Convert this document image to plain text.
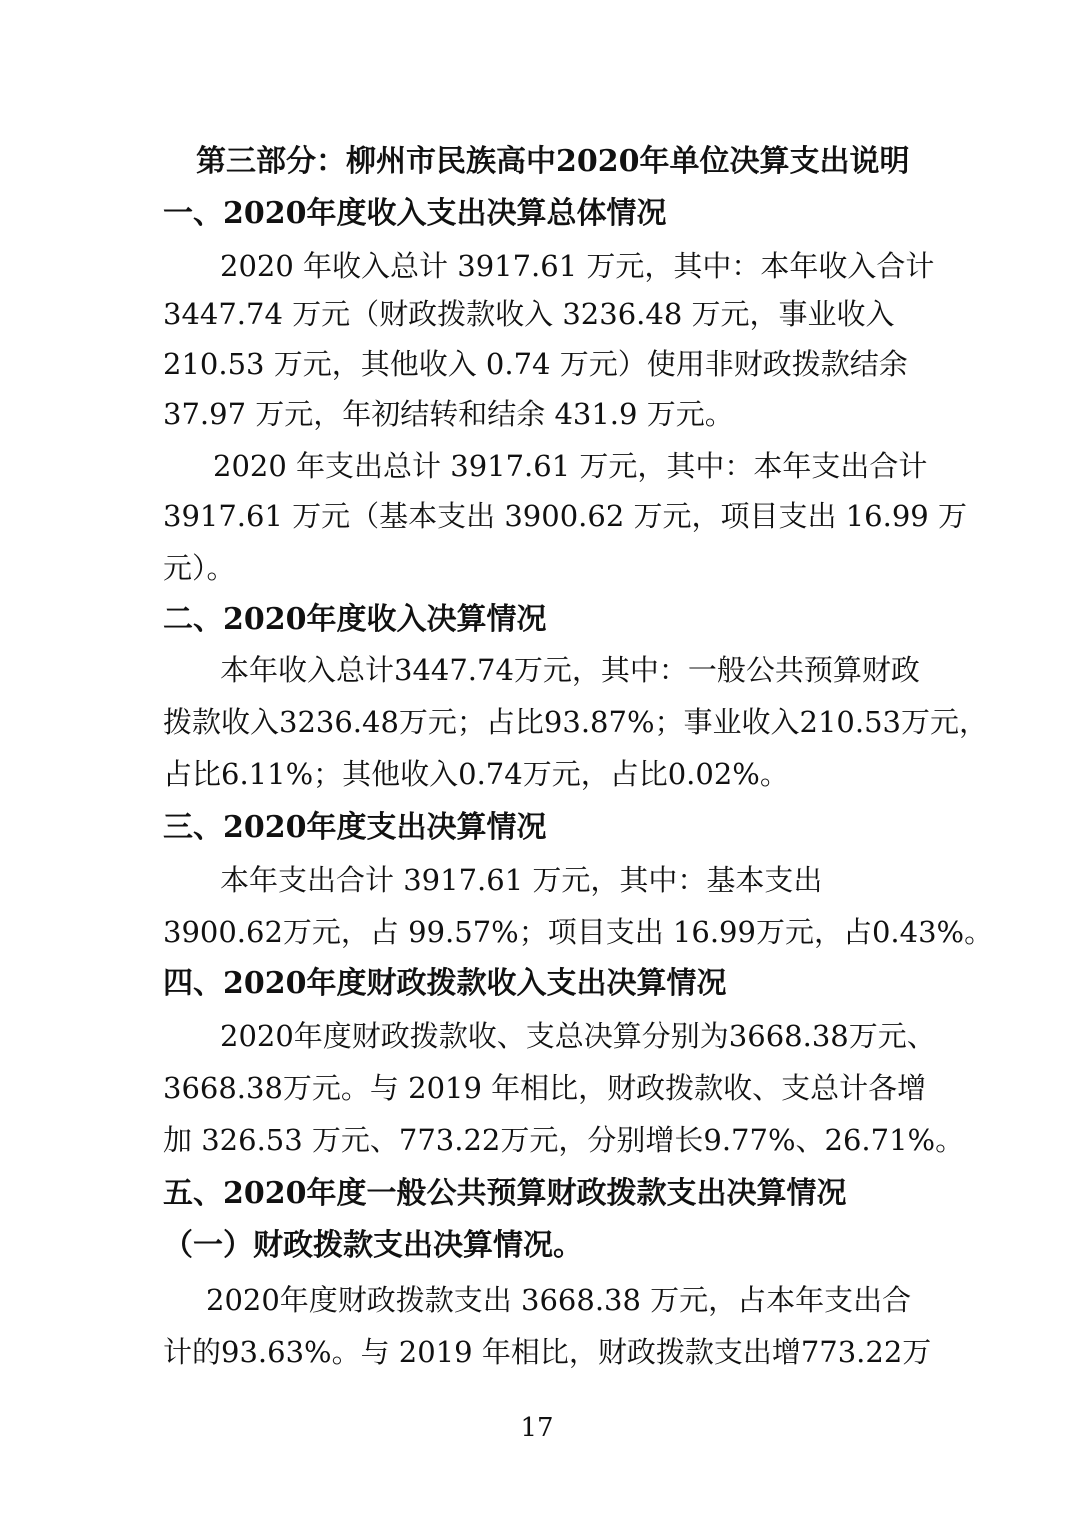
第三部分：柳州市民族高中2020年单位决算支出说明
一、2020年度收入支出决算总体情况
2020 年收入总计 3917.61 万元，其中：本年收入合计
3447.74 万元（财政拨款收入 3236.48 万元，事业收入
210.53 万元，其他收入 0.74 万元）使用非财政拨款结余
37.97 万元，年初结转和结余 431.9 万元。
2020 年支出总计 3917.61 万元，其中：本年支出合计
3917.61 万元（基本支出 3900.62 万元，项目支出 16.99 万
元）。
二、2020年度收入决算情况
本年收入总计3447.74万元，其中：一般公共预算财政
拨款收入3236.48万元；占比93.87%；事业收入210.53万元，
占比6.11%；其他收入0.74万元，占比0.02%。
三、2020年度支出决算情况
本年支出合计 3917.61 万元，其中：基本支出
3900.62万元，占 99.57%；项目支出 16.99万元，占0.43%。
四、2020年度财政拨款收入支出决算情况
2020年度财政拨款收、支总决算分别为3668.38万元、
3668.38万元。与 2019 年相比，财政拨款收、支总计各增
加 326.53 万元、773.22万元，分别增长9.77%、26.71%。
五、2020年度一般公共预算财政拨款支出决算情况
（一）财政拨款支出决算情况。
2020年度财政拨款支出 3668.38 万元，占本年支出合
计的93.63%。与 2019 年相比，财政拨款支出增773.22万
17
